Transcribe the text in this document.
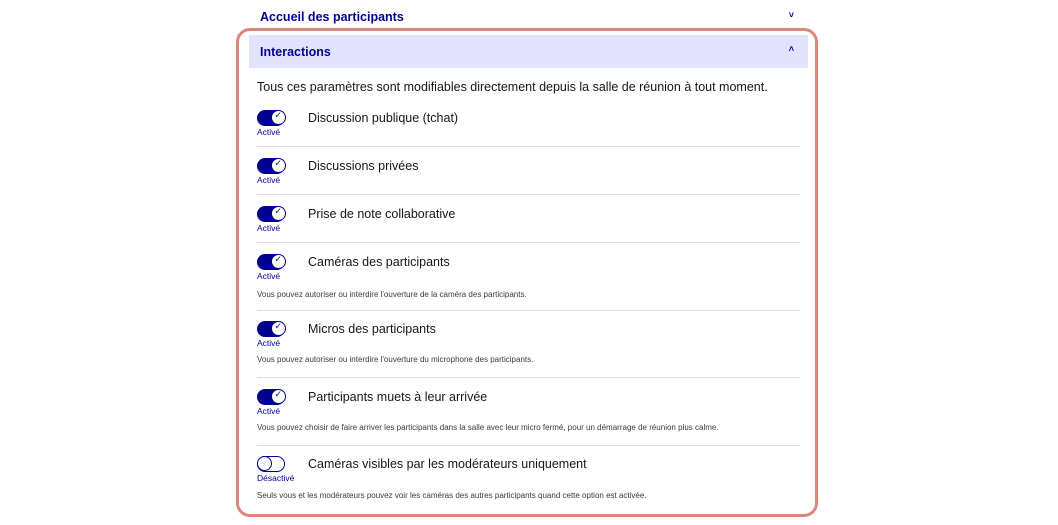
Accueil des participants	˅
Interactions	˄
Tous ces paramètres sont modifiables directement depuis la salle de réunion à tout moment.
✓
Activé
Discussion publique (tchat)
✓
Activé
Discussions privées
✓
Activé
Prise de note collaborative
✓
Activé
Caméras des participants
Vous pouvez autoriser ou interdire l'ouverture de la caméra des participants.
✓
Activé
Micros des participants
Vous pouvez autoriser ou interdire l'ouverture du microphone des participants.
✓
Activé
Participants muets à leur arrivée
Vous pouvez choisir de faire arriver les participants dans la salle avec leur micro fermé, pour un démarrage de réunion plus calme.
Désactivé
Caméras visibles par les modérateurs uniquement
Seuls vous et les modérateurs pouvez voir les caméras des autres participants quand cette option est activée.
